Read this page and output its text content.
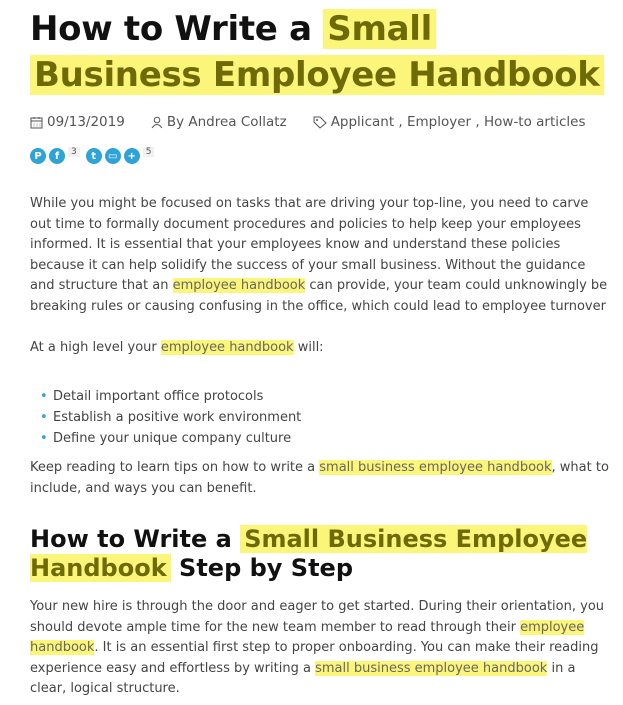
How to Write a Small
Business Employee Handbook
09/13/2019	By Andrea Collatz	Applicant , Employer , How-to articles
P	f	3	t	▭	+	5

While you might be focused on tasks that are driving your top-line, you need to carve out time to formally document procedures and policies to help keep your employees informed. It is essential that your employees know and understand these policies because it can help solidify the success of your small business. Without the guidance and structure that an employee handbook can provide, your team could unknowingly be breaking rules or causing confusing in the office, which could lead to employee turnover

At a high level your employee handbook will:

• Detail important office protocols
• Establish a positive work environment
• Define your unique company culture

Keep reading to learn tips on how to write a small business employee handbook, what to include, and ways you can benefit.

How to Write a Small Business Employee Handbook Step by Step

Your new hire is through the door and eager to get started. During their orientation, you should devote ample time for the new team member to read through their employee handbook. It is an essential first step to proper onboarding. You can make their reading experience easy and effortless by writing a small business employee handbook in a clear, logical structure.
